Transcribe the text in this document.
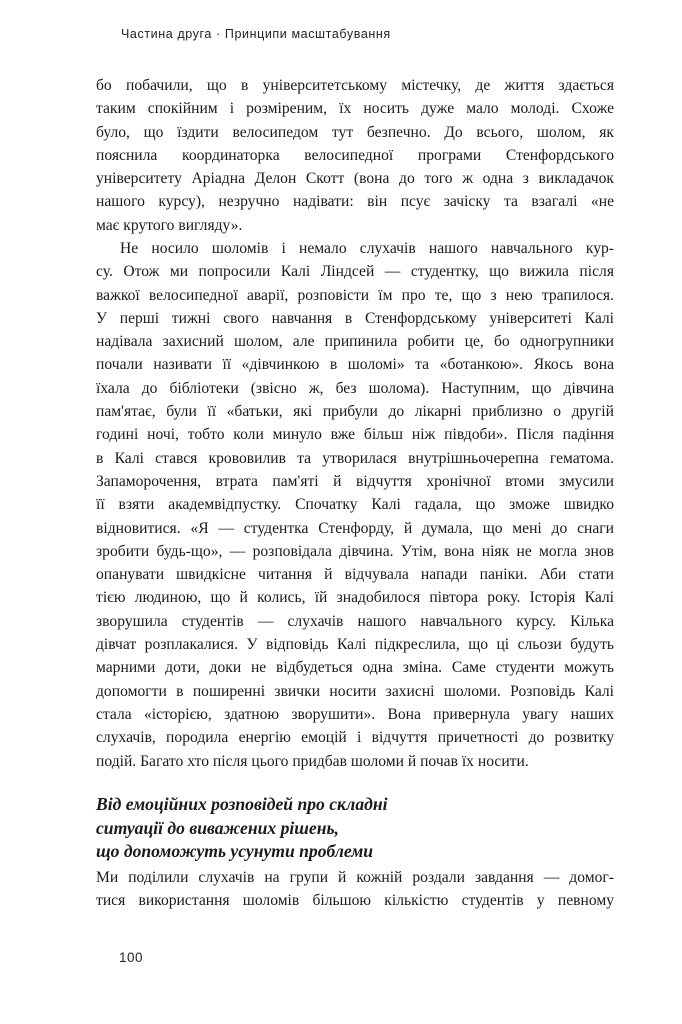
Частина друга · Принципи масштабування

бо побачили, що в університетському містечку, де життя здається
таким спокійним і розміреним, їх носить дуже мало молоді. Схоже
було, що їздити велосипедом тут безпечно. До всього, шолом, як
пояснила координаторка велосипедної програми Стенфордського
університету Аріадна Делон Скотт (вона до того ж одна з викладачок
нашого курсу), незручно надівати: він псує зачіску та взагалі «не
має крутого вигляду».

Не носило шоломів і немало слухачів нашого навчального кур-
су. Отож ми попросили Калі Ліндсей — студентку, що вижила після
важкої велосипедної аварії, розповісти їм про те, що з нею трапилося.
У перші тижні свого навчання в Стенфордському університеті Калі
надівала захисний шолом, але припинила робити це, бо одногрупники
почали називати її «дівчинкою в шоломі» та «ботанкою». Якось вона
їхала до бібліотеки (звісно ж, без шолома). Наступним, що дівчина
пам'ятає, були її «батьки, які прибули до лікарні приблизно о другій
годині ночі, тобто коли минуло вже більш ніж півдоби». Після падіння
в Калі стався крововилив та утворилася внутрішньочерепна гематома.
Запаморочення, втрата пам'яті й відчуття хронічної втоми змусили
її взяти академвідпустку. Спочатку Калі гадала, що зможе швидко
відновитися. «Я — студентка Стенфорду, й думала, що мені до снаги
зробити будь-що», — розповідала дівчина. Утім, вона ніяк не могла знов
опанувати швидкісне читання й відчувала напади паніки. Аби стати
тією людиною, що й колись, їй знадобилося півтора року. Історія Калі
зворушила студентів — слухачів нашого навчального курсу. Кілька
дівчат розплакалися. У відповідь Калі підкреслила, що ці сльози будуть
марними доти, доки не відбудеться одна зміна. Саме студенти можуть
допомогти в поширенні звички носити захисні шоломи. Розповідь Калі
стала «історією, здатною зворушити». Вона привернула увагу наших
слухачів, породила енергію емоцій і відчуття причетності до розвитку
подій. Багато хто після цього придбав шоломи й почав їх носити.

Від емоційних розповідей про складні
ситуації до виважених рішень,
що допоможуть усунути проблеми

Ми поділили слухачів на групи й кожній роздали завдання — домог-
тися використання шоломів більшою кількістю студентів у певному

100
